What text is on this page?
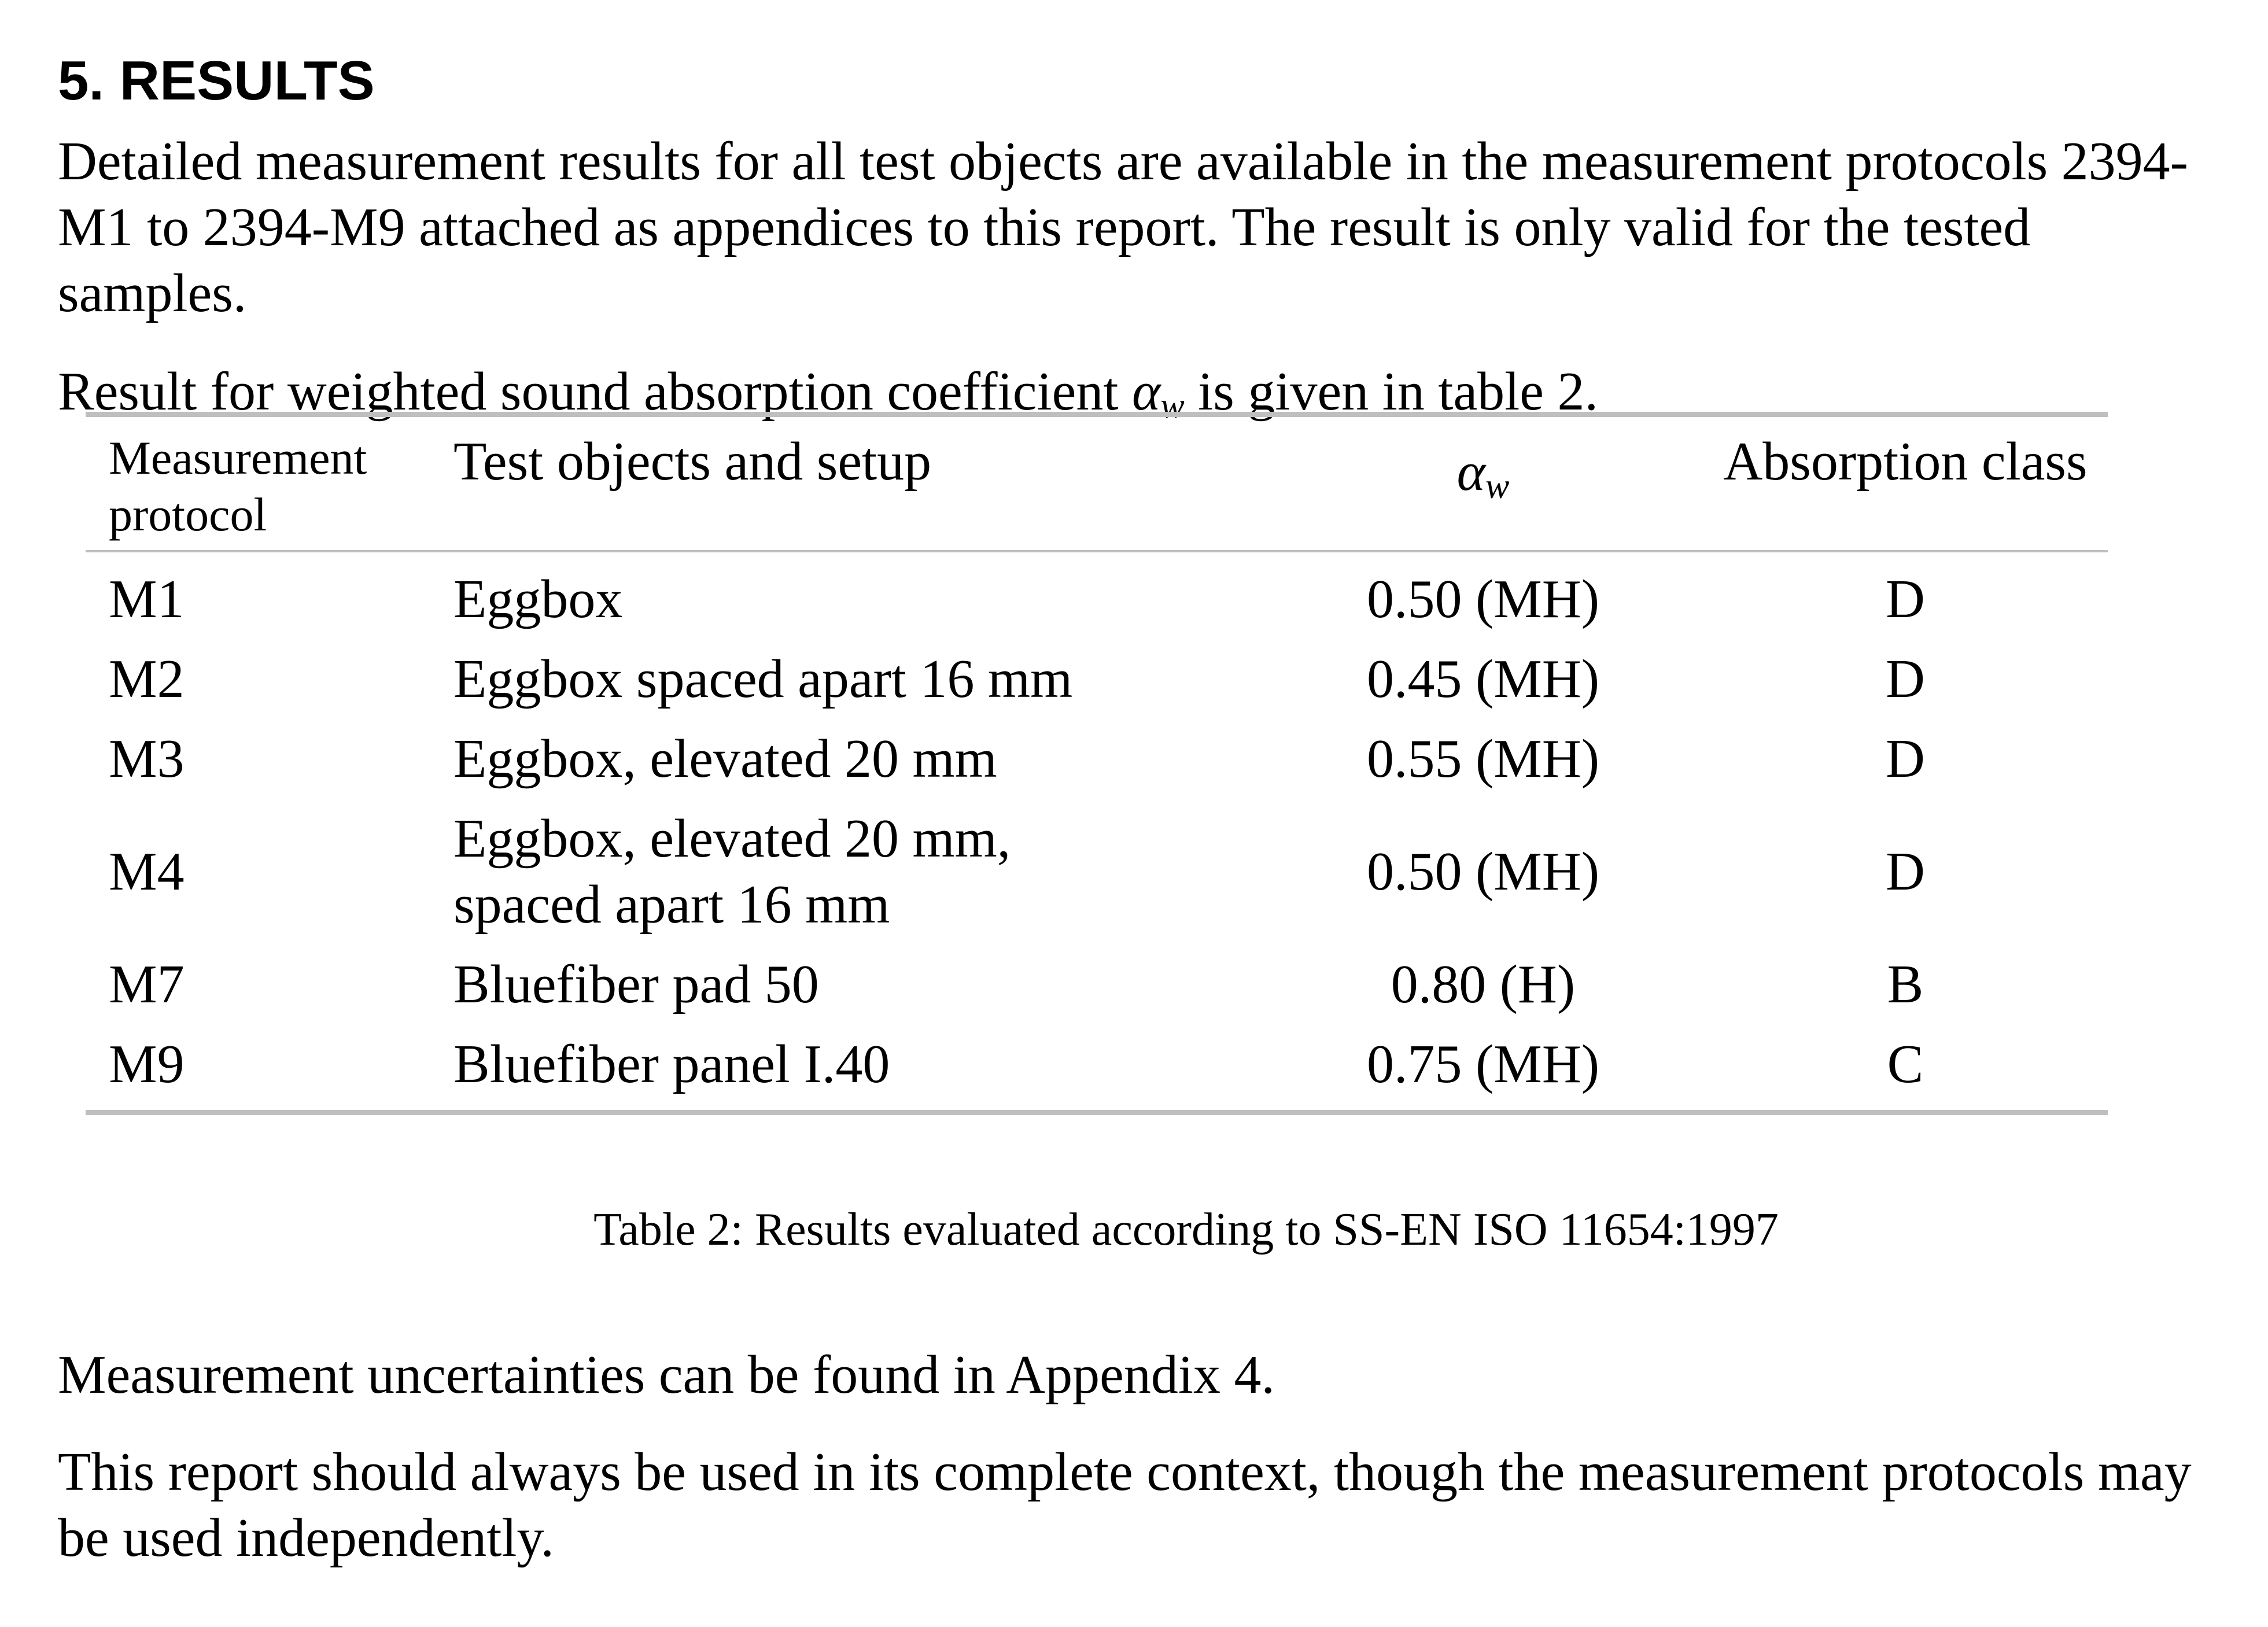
5. RESULTS

Detailed measurement results for all test objects are available in the measurement protocols 2394-M1 to 2394-M9 attached as appendices to this report. The result is only valid for the tested samples.

Result for weighted sound absorption coefficient $\alpha_w$ is given in table 2.

Measurement
protocol	Test objects and setup	$\alpha_w$	Absorption class
M1	Eggbox	0.50 (MH)	D
M2	Eggbox spaced apart 16 mm	0.45 (MH)	D
M3	Eggbox, elevated 20 mm	0.55 (MH)	D
M4	Eggbox, elevated 20 mm, spaced apart 16 mm	0.50 (MH)	D
M7	Bluefiber pad 50	0.80 (H)	B
M9	Bluefiber panel I.40	0.75 (MH)	C
Table 2: Results evaluated according to SS-EN ISO 11654:1997

Measurement uncertainties can be found in Appendix 4.

This report should always be used in its complete context, though the measurement protocols may be used independently.
